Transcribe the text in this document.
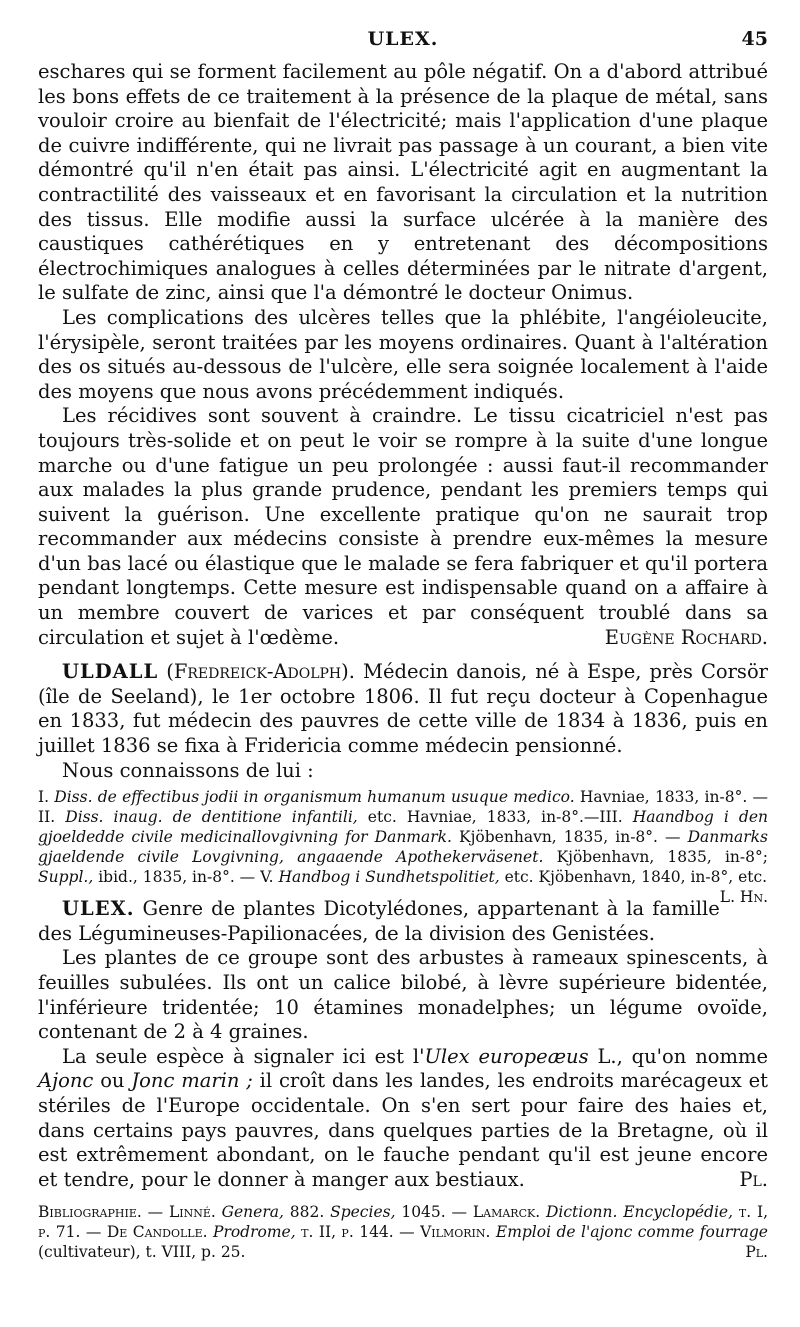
ULEX.	45

eschares qui se forment facilement au pôle négatif. On a d'abord attribué les bons effets de ce traitement à la présence de la plaque de métal, sans vouloir croire au bienfait de l'électricité; mais l'application d'une plaque de cuivre indifférente, qui ne livrait pas passage à un courant, a bien vite démontré qu'il n'en était pas ainsi. L'électricité agit en augmentant la contractilité des vaisseaux et en favorisant la circulation et la nutrition des tissus. Elle modifie aussi la surface ulcérée à la manière des caustiques cathérétiques en y entretenant des décompositions électrochimiques analogues à celles déterminées par le nitrate d'argent, le sulfate de zinc, ainsi que l'a démontré le docteur Onimus.

Les complications des ulcères telles que la phlébite, l'angéioleucite, l'érysipèle, seront traitées par les moyens ordinaires. Quant à l'altération des os situés au-dessous de l'ulcère, elle sera soignée localement à l'aide des moyens que nous avons précédemment indiqués.

Les récidives sont souvent à craindre. Le tissu cicatriciel n'est pas toujours très-solide et on peut le voir se rompre à la suite d'une longue marche ou d'une fatigue un peu prolongée : aussi faut-il recommander aux malades la plus grande prudence, pendant les premiers temps qui suivent la guérison. Une excellente pratique qu'on ne saurait trop recommander aux médecins consiste à prendre eux-mêmes la mesure d'un bas lacé ou élastique que le malade se fera fabriquer et qu'il portera pendant longtemps. Cette mesure est indispensable quand on a affaire à un membre couvert de varices et par conséquent troublé dans sa circulation et sujet à l'œdème.	Eugène Rochard.

ULDALL (Fredreick-Adolph). Médecin danois, né à Espe, près Corsör (île de Seeland), le 1er octobre 1806. Il fut reçu docteur à Copenhague en 1833, fut médecin des pauvres de cette ville de 1834 à 1836, puis en juillet 1836 se fixa à Fridericia comme médecin pensionné.

Nous connaissons de lui :

I. Diss. de effectibus jodii in organismum humanum usuque medico. Havniae, 1833, in-8°. — II. Diss. inaug. de dentitione infantili, etc. Havniae, 1833, in-8°.—III. Haandbog i den gjoeldedde civile medicinallovgivning for Danmark. Kjöbenhavn, 1835, in-8°. — Danmarks gjaeldende civile Lovgivning, angaaende Apothekerväsenet. Kjöbenhavn, 1835, in-8°; Suppl., ibid., 1835, in-8°. — V. Handbog i Sundhetspolitiet, etc. Kjöbenhavn, 1840, in-8°, etc.
L. Hn.

ULEX. Genre de plantes Dicotylédones, appartenant à la famille des Légumineuses-Papilionacées, de la division des Genistées.

Les plantes de ce groupe sont des arbustes à rameaux spinescents, à feuilles subulées. Ils ont un calice bilobé, à lèvre supérieure bidentée, l'inférieure tridentée; 10 étamines monadelphes; un légume ovoïde, contenant de 2 à 4 graines.

La seule espèce à signaler ici est l'Ulex europeæus L., qu'on nomme Ajonc ou Jonc marin ; il croît dans les landes, les endroits marécageux et stériles de l'Europe occidentale. On s'en sert pour faire des haies et, dans certains pays pauvres, dans quelques parties de la Bretagne, où il est extrêmement abondant, on le fauche pendant qu'il est jeune encore et tendre, pour le donner à manger aux bestiaux.	Pl.

Bibliographie. — Linné. Genera, 882. Species, 1045. — Lamarck. Dictionn. Encyclopédie, t. I, p. 71. — De Candolle. Prodrome, t. II, p. 144. — Vilmorin. Emploi de l'ajonc comme fourrage (cultivateur), t. VIII, p. 25.	Pl.
